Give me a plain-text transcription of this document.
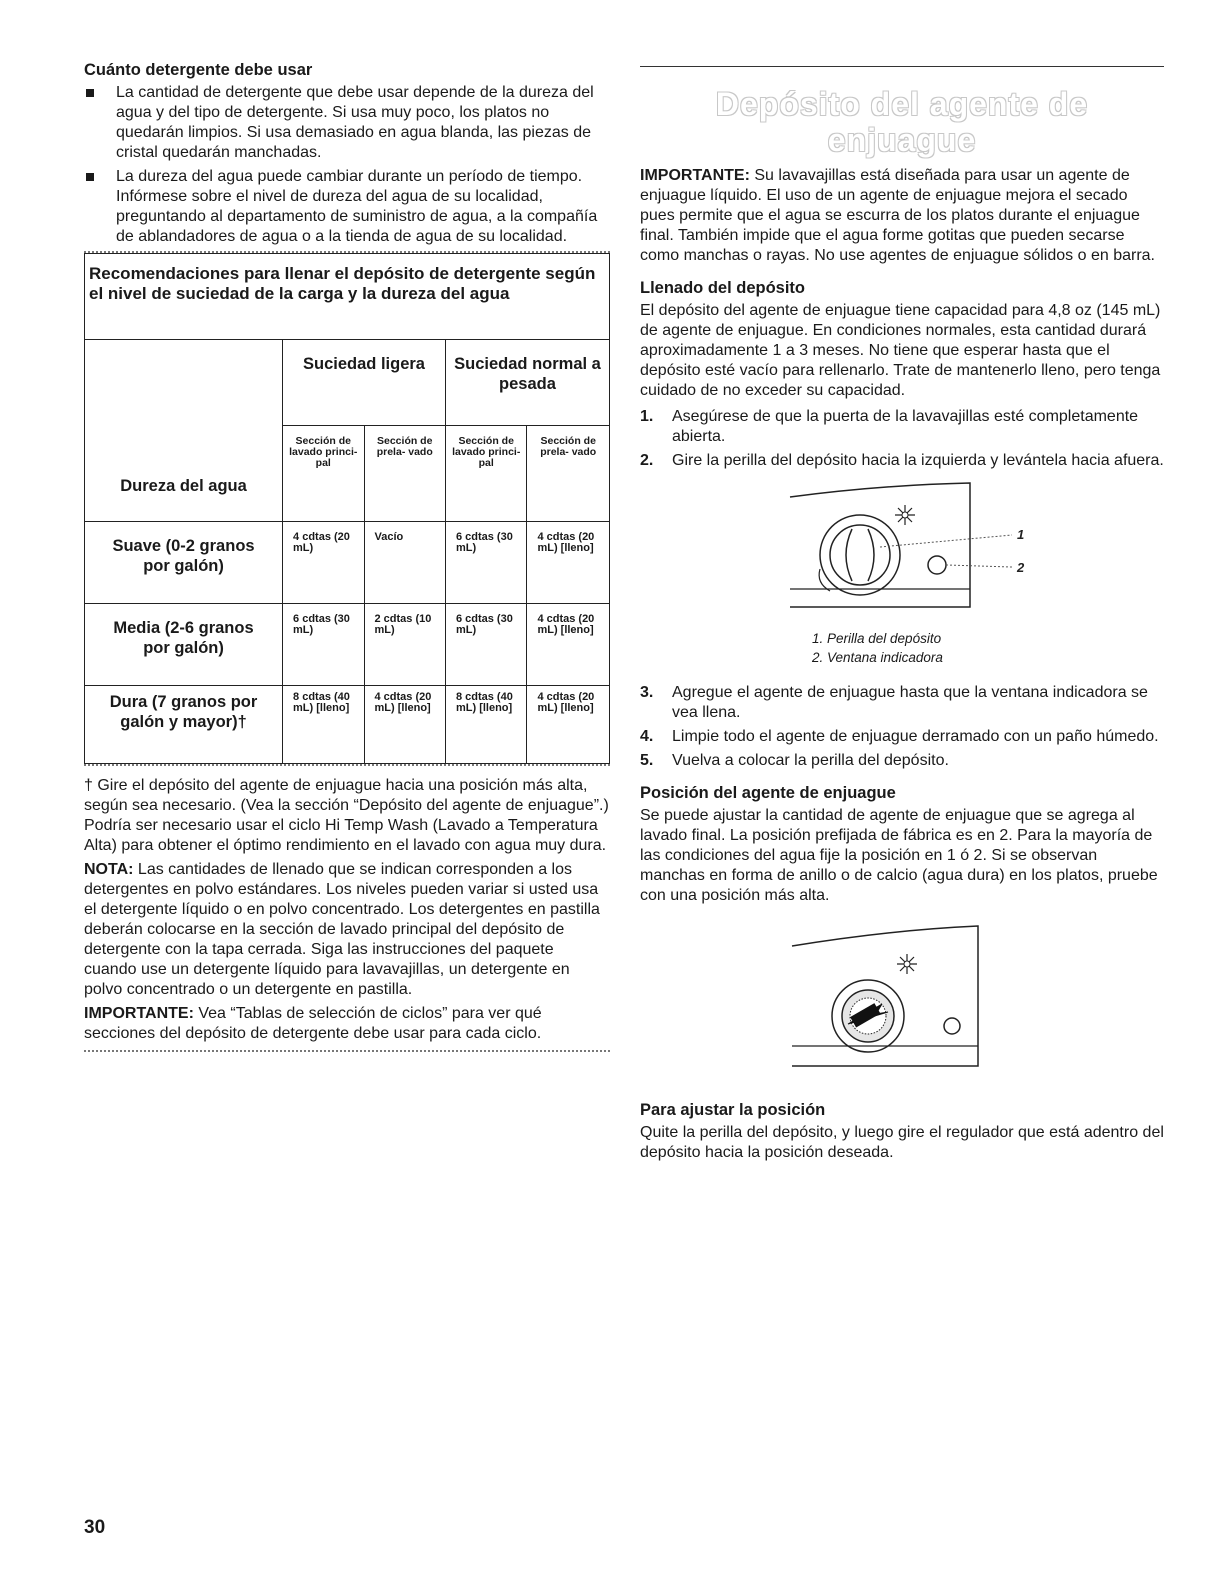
Cuánto detergente debe usar
La cantidad de detergente que debe usar depende de la dureza del agua y del tipo de detergente. Si usa muy poco, los platos no quedarán limpios. Si usa demasiado en agua blanda, las piezas de cristal quedarán manchadas.
La dureza del agua puede cambiar durante un período de tiempo. Infórmese sobre el nivel de dureza del agua de su localidad, preguntando al departamento de suministro de agua, a la compañía de ablandadores de agua o a la tienda de agua de su localidad.
Recomendaciones para llenar el depósito de detergente según el nivel de suciedad de la carga y la dureza del agua				
	Suciedad ligera		Suciedad normal a pesada	
Dureza del agua	Sección de lavado princi- pal	Sección de prela- vado	Sección de lavado princi- pal	Sección de prela- vado

Suave (0-2 granos por galón)	4 cdtas (20 mL)	Vacío	6 cdtas (30 mL)	4 cdtas (20 mL) [lleno]
Media (2-6 granos por galón)	6 cdtas (30 mL)	2 cdtas (10 mL)	6 cdtas (30 mL)	4 cdtas (20 mL) [lleno]
Dura (7 granos por galón y mayor)†	8 cdtas (40 mL) [lleno]	4 cdtas (20 mL) [lleno]	8 cdtas (40 mL) [lleno]	4 cdtas (20 mL) [lleno]

† Gire el depósito del agente de enjuague hacia una posición más alta, según sea necesario. (Vea la sección “Depósito del agente de enjuague”.) Podría ser necesario usar el ciclo Hi Temp Wash (Lavado a Temperatura Alta) para obtener el óptimo rendimiento en el lavado con agua muy dura.

NOTA: Las cantidades de llenado que se indican corresponden a los detergentes en polvo estándares. Los niveles pueden variar si usted usa el detergente líquido o en polvo concentrado. Los detergentes en pastilla deberán colocarse en la sección de lavado principal del depósito de detergente con la tapa cerrada. Siga las instrucciones del paquete cuando use un detergente líquido para lavavajillas, un detergente en polvo concentrado o un detergente en pastilla.

IMPORTANTE: Vea “Tablas de selección de ciclos” para ver qué secciones del depósito de detergente debe usar para cada ciclo.

Depósito del agente de enjuague

IMPORTANTE: Su lavavajillas está diseñada para usar un agente de enjuague líquido. El uso de un agente de enjuague mejora el secado pues permite que el agua se escurra de los platos durante el enjuague final. También impide que el agua forme gotitas que pueden secarse como manchas o rayas. No use agentes de enjuague sólidos o en barra.

Llenado del depósito

El depósito del agente de enjuague tiene capacidad para 4,8 oz (145 mL) de agente de enjuague. En condiciones normales, esta cantidad durará aproximadamente 1 a 3 meses. No tiene que esperar hasta que el depósito esté vacío para rellenarlo. Trate de mantenerlo lleno, pero tenga cuidado de no exceder su capacidad.

1. Asegúrese de que la puerta de la lavavajillas esté completamente abierta.
2. Gire la perilla del depósito hacia la izquierda y levántela hacia afuera.
1
2
1. Perilla del depósito
2. Ventana indicadora
3. Agregue el agente de enjuague hasta que la ventana indicadora se vea llena.
4. Limpie todo el agente de enjuague derramado con un paño húmedo.
5. Vuelva a colocar la perilla del depósito.
Posición del agente de enjuague

Se puede ajustar la cantidad de agente de enjuague que se agrega al lavado final. La posición prefijada de fábrica es en 2. Para la mayoría de las condiciones del agua fije la posición en 1 ó 2. Si se observan manchas en forma de anillo o de calcio (agua dura) en los platos, pruebe con una posición más alta.

Para ajustar la posición

Quite la perilla del depósito, y luego gire el regulador que está adentro del depósito hacia la posición deseada.

30
